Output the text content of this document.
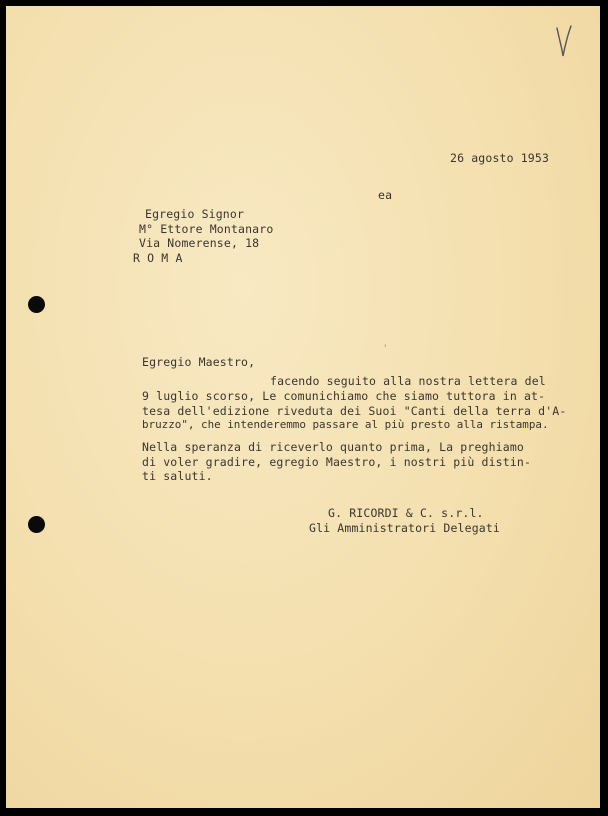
26 agosto 1953
ea
Egregio Signor
M° Ettore Montanaro
Via Nomerense, 18
R O M A
'
Egregio Maestro,
facendo seguito alla nostra lettera del
9 luglio scorso, Le comunichiamo che siamo tuttora in at-
tesa dell'edizione riveduta dei Suoi "Canti della terra d'A-
bruzzo", che intenderemmo passare al più presto alla ristampa.
Nella speranza di riceverlo quanto prima, La preghiamo
di voler gradire, egregio Maestro, i nostri più distin-
ti saluti.
G. RICORDI & C. s.r.l.
Gli Amministratori Delegati
